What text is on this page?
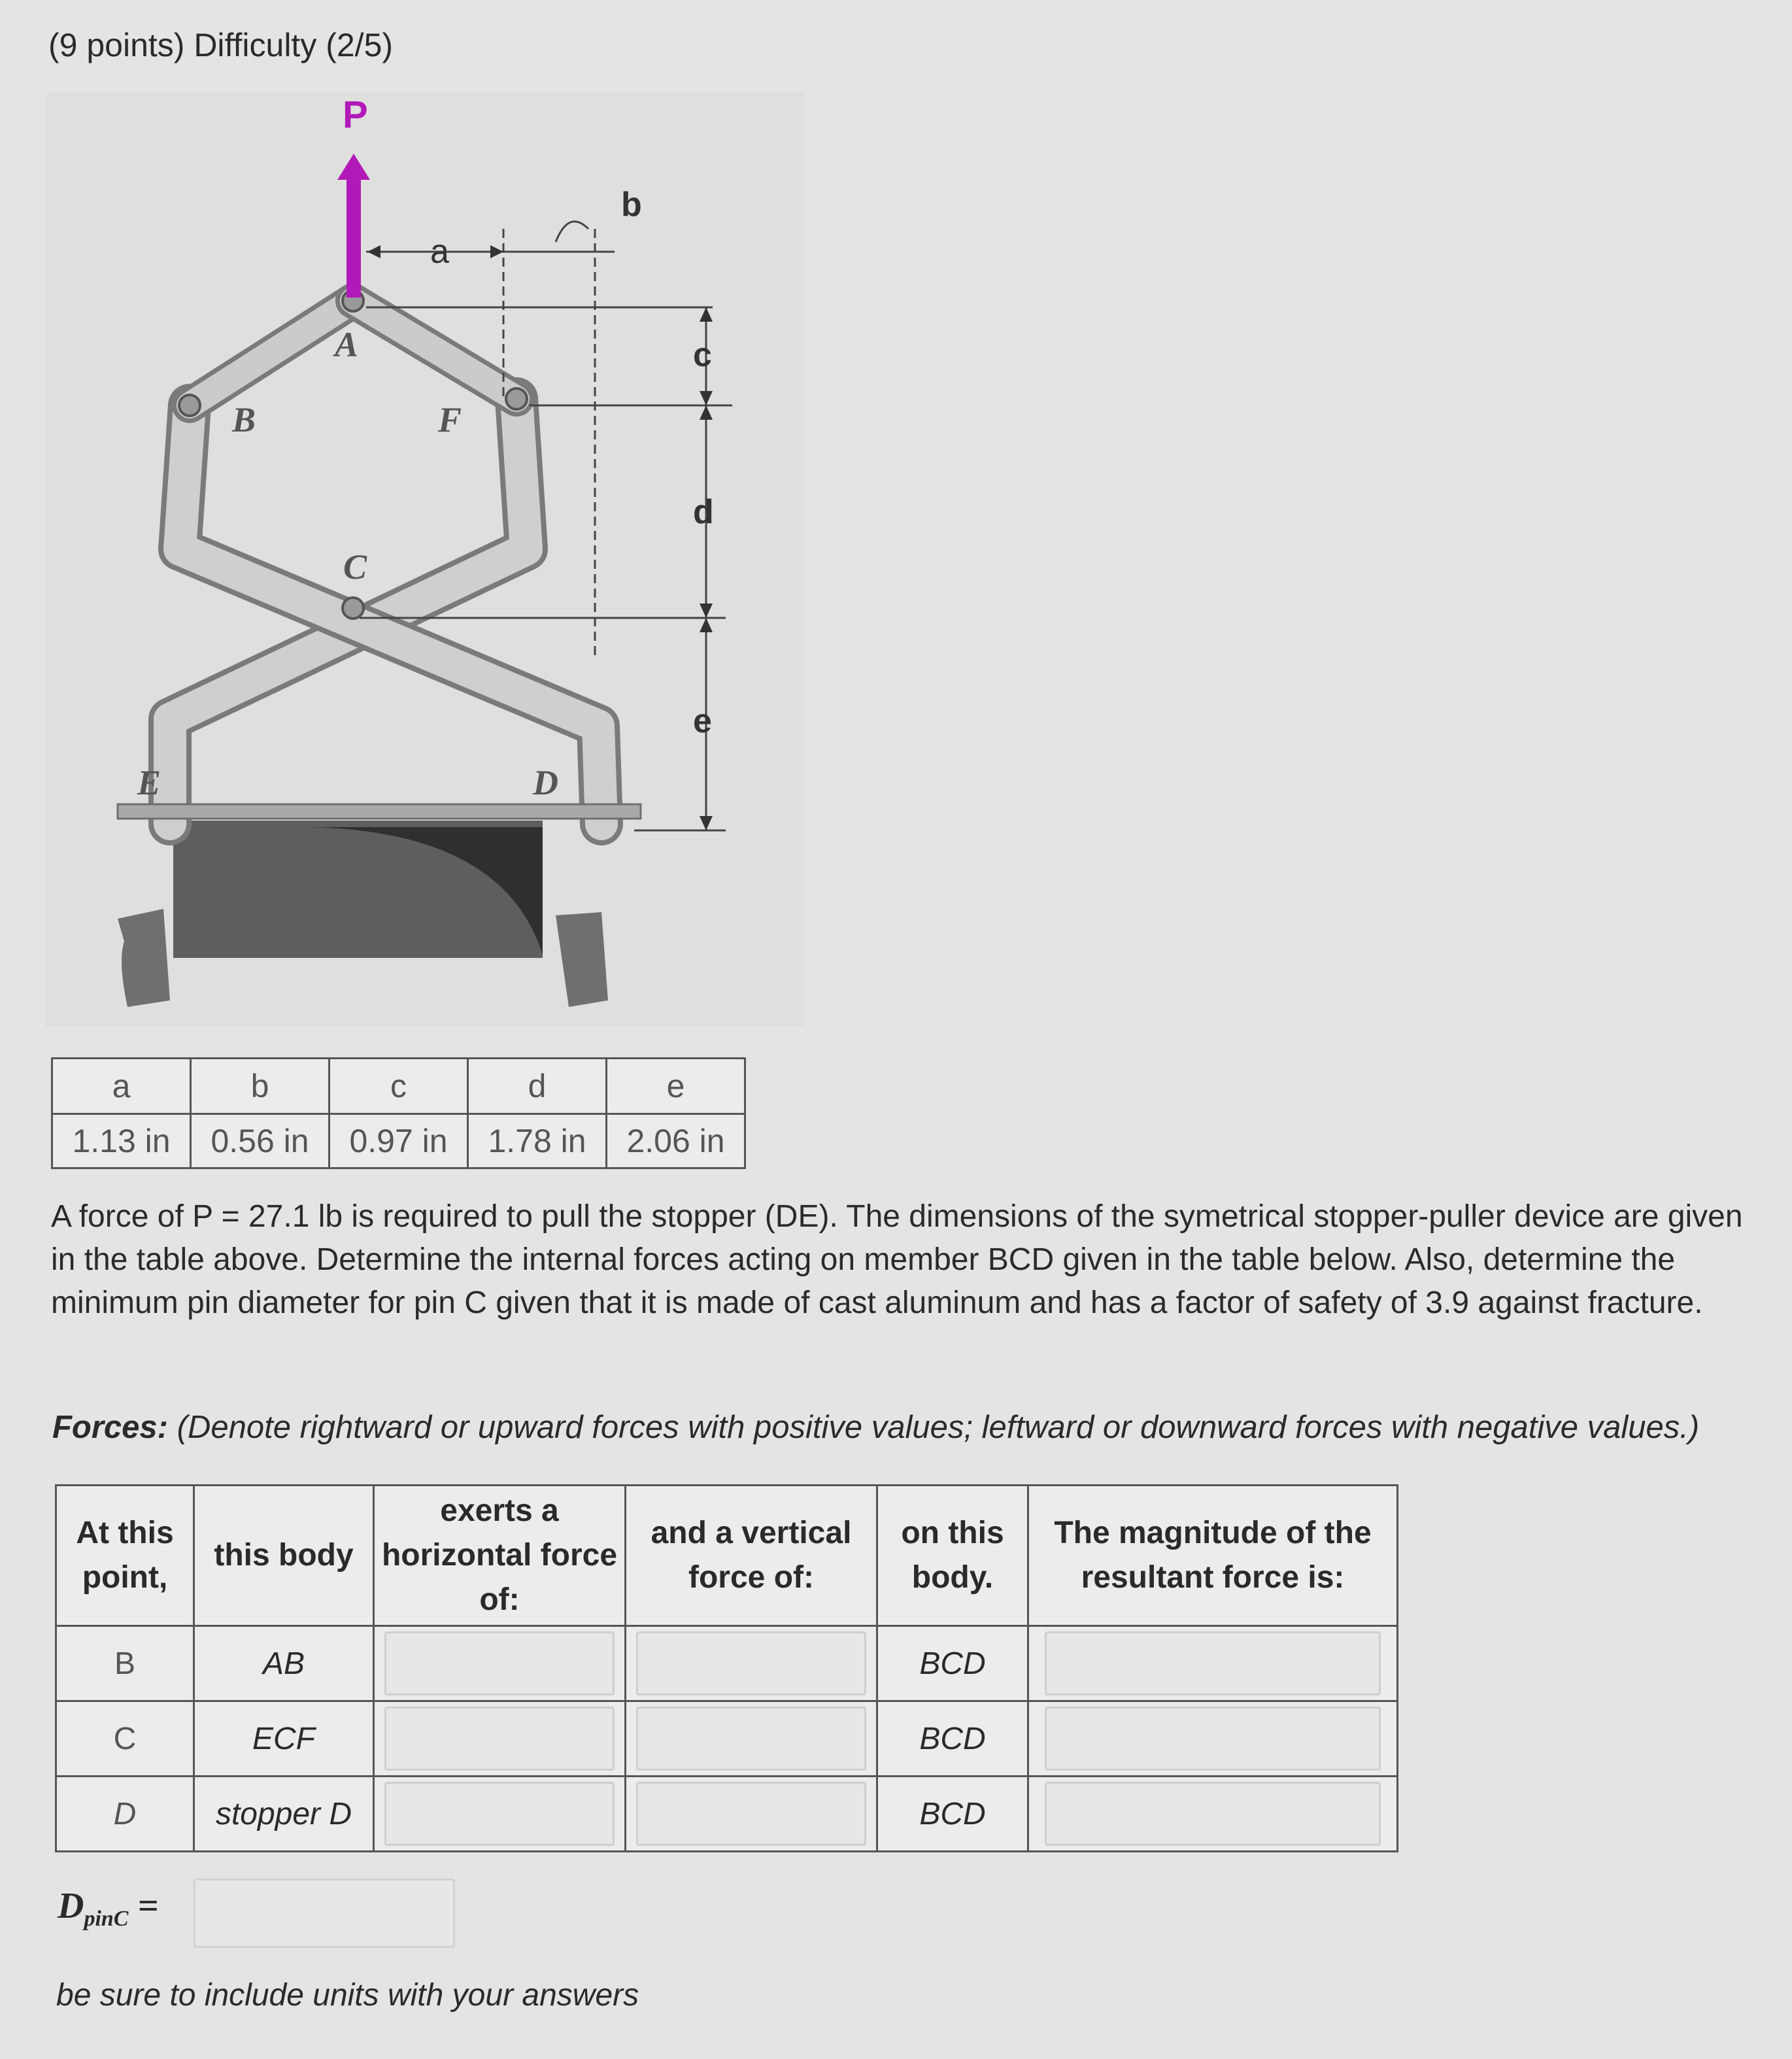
(9 points) Difficulty (2/5)
P
a
b
c
d
e
A
B
C
D
E
F
a	b	c	d	e
1.13 in	0.56 in	0.97 in	1.78 in	2.06 in
A force of P = 27.1 lb is required to pull the stopper (DE). The dimensions of the symetrical stopper-puller device are given in the table above. Determine the internal forces acting on member BCD given in the table below. Also, determine the minimum pin diameter for pin C given that it is made of cast aluminum and has a factor of safety of 3.9 against fracture.
Forces: (Denote rightward or upward forces with positive values; leftward or downward forces with negative values.)
At this point,	this body	exerts a horizontal force of:	and a vertical force of:	on this body.	The magnitude of the resultant force is:
B	AB			BCD	

C	ECF			BCD	

D	stopper D			BCD	
$D_{pinC}$ =
be sure to include units with your answers
